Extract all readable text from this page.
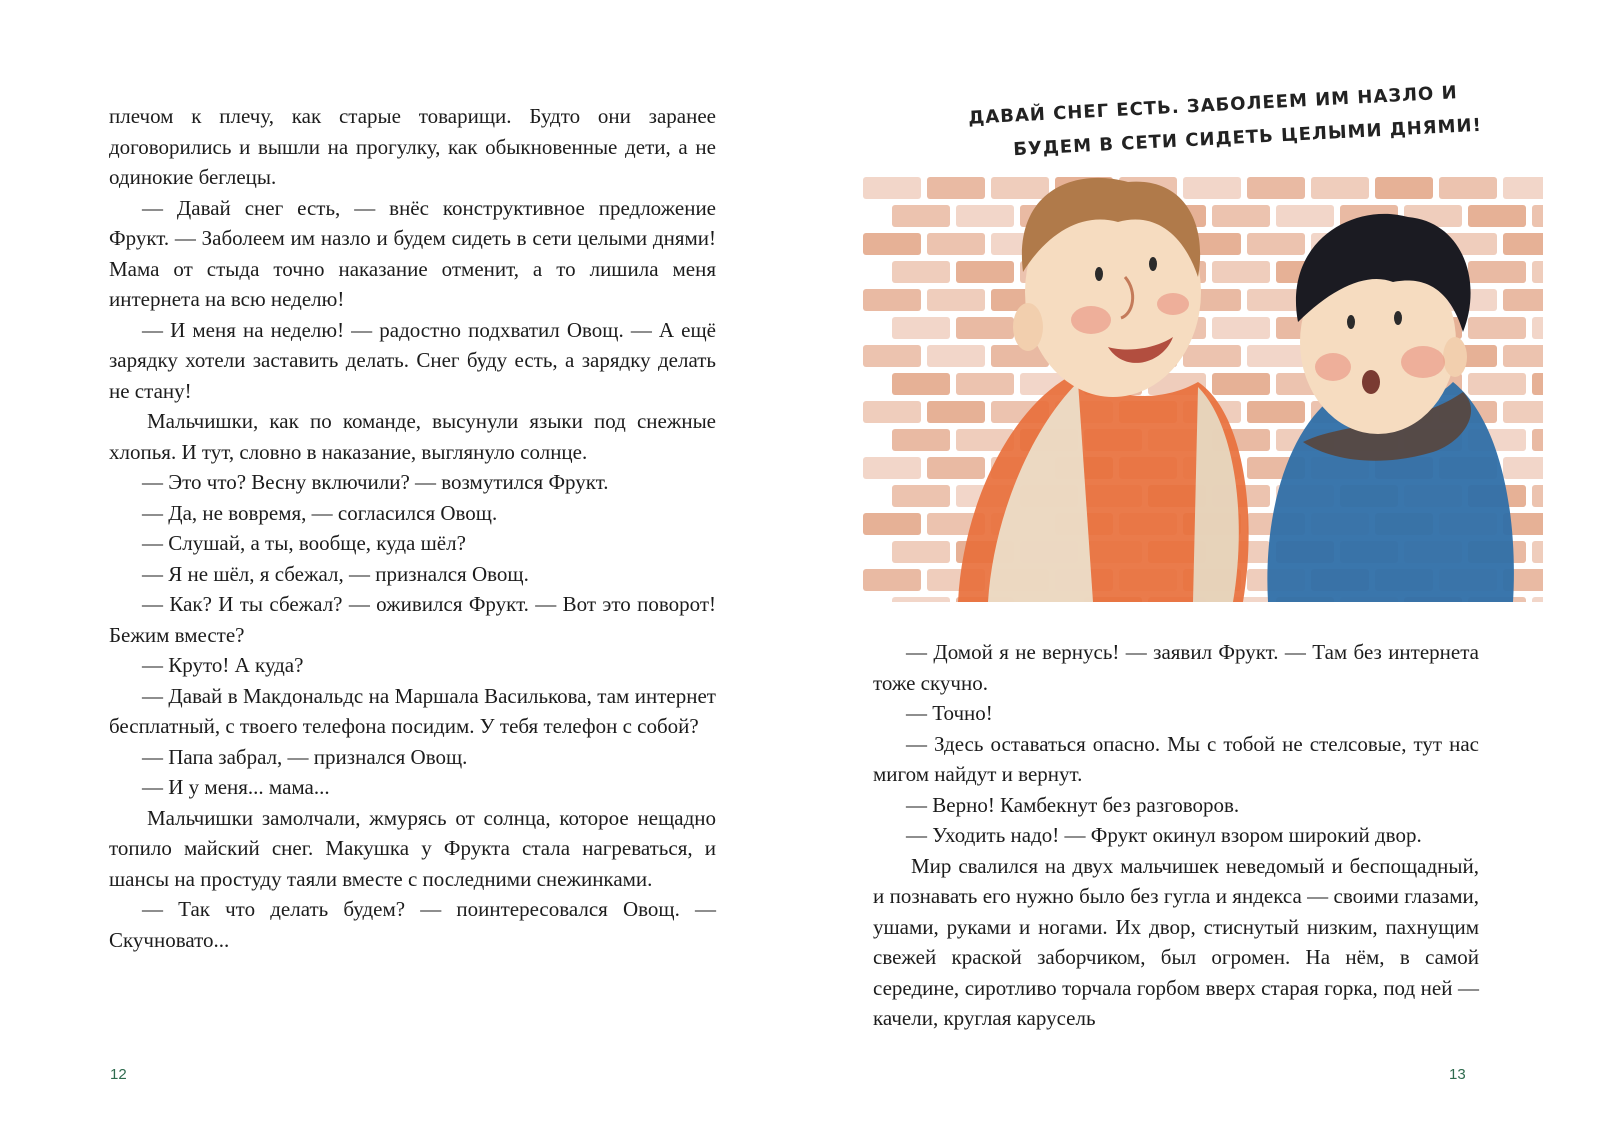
плечом к плечу, как старые товарищи. Будто они заранее договорились и вышли на прогулку, как обыкновенные дети, а не одинокие беглецы.

— Давай снег есть, — внёс конструктивное предложение Фрукт. — Заболеем им назло и будем сидеть в сети целыми днями! Мама от стыда точно наказание отменит, а то лишила меня интернета на всю неделю!

— И меня на неделю! — радостно подхватил Овощ. — А ещё зарядку хотели заставить делать. Снег буду есть, а зарядку делать не стану!

Мальчишки, как по команде, высунули языки под снежные хлопья. И тут, словно в наказание, выглянуло солнце.

— Это что? Весну включили? — возмутился Фрукт.

— Да, не вовремя, — согласился Овощ.

— Слушай, а ты, вообще, куда шёл?

— Я не шёл, я сбежал, — признался Овощ.

— Как? И ты сбежал? — оживился Фрукт. — Вот это поворот! Бежим вместе?

— Круто! А куда?

— Давай в Макдональдс на Маршала Василькова, там интернет бесплатный, с твоего телефона посидим. У тебя телефон с собой?

— Папа забрал, — признался Овощ.

— И у меня... мама...

Мальчишки замолчали, жмурясь от солнца, которое нещадно топило майский снег. Макушка у Фрукта стала нагреваться, и шансы на простуду таяли вместе с последними снежинками.

— Так что делать будем? — поинтересовался Овощ. — Скучновато...

12
ДАВАЙ СНЕГ ЕСТЬ. ЗАБОЛЕЕМ ИМ НАЗЛО И
БУДЕМ В СЕТИ СИДЕТЬ ЦЕЛЫМИ ДНЯМИ!

— Домой я не вернусь! — заявил Фрукт. — Там без интернета тоже скучно.

— Точно!

— Здесь оставаться опасно. Мы с тобой не стелсовые, тут нас мигом найдут и вернут.

— Верно! Камбекнут без разговоров.

— Уходить надо! — Фрукт окинул взором широкий двор.

Мир свалился на двух мальчишек неведомый и беспощадный, и познавать его нужно было без гугла и яндекса — своими глазами, ушами, руками и ногами. Их двор, стиснутый низким, пахнущим свежей краской заборчиком, был огромен. На нём, в самой середине, сиротливо торчала горбом вверх старая горка, под ней — качели, круглая карусель

13
